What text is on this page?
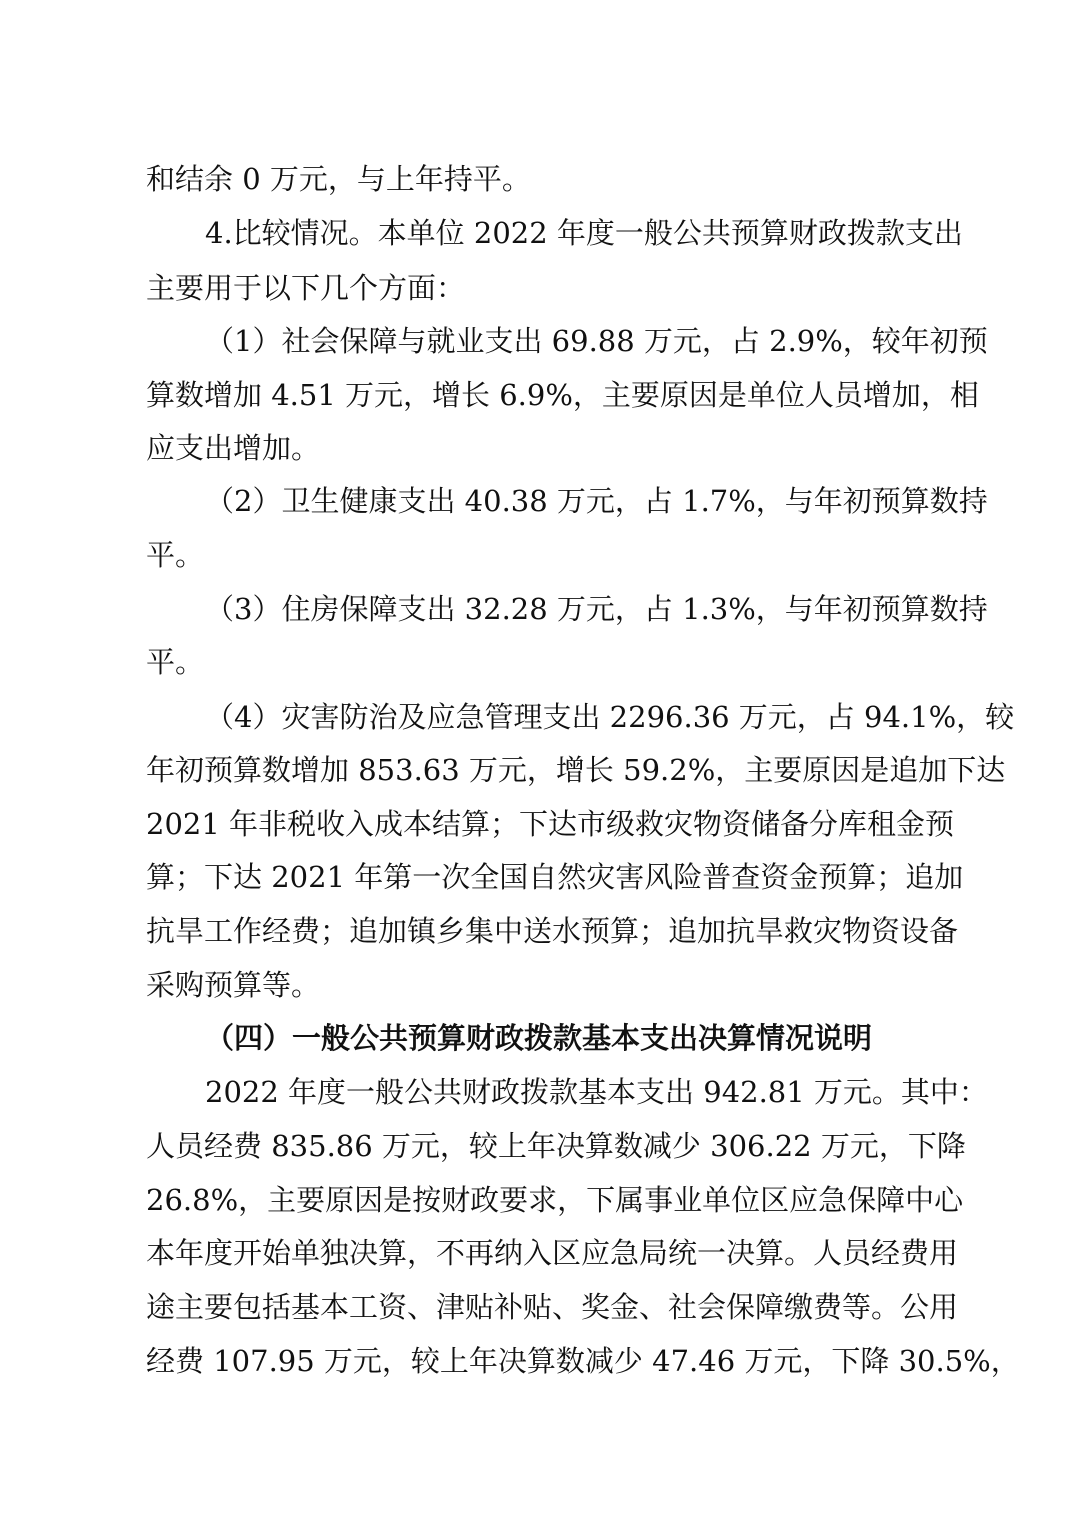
和结余 0 万元，与上年持平。
4.比较情况。本单位 2022 年度一般公共预算财政拨款支出
主要用于以下几个方面：
（1）社会保障与就业支出 69.88 万元，占 2.9%，较年初预
算数增加 4.51 万元，增长 6.9%，主要原因是单位人员增加，相
应支出增加。
（2）卫生健康支出 40.38 万元，占 1.7%，与年初预算数持
平。
（3）住房保障支出 32.28 万元，占 1.3%，与年初预算数持
平。
（4）灾害防治及应急管理支出 2296.36 万元，占 94.1%，较
年初预算数增加 853.63 万元，增长 59.2%，主要原因是追加下达
2021 年非税收入成本结算；下达市级救灾物资储备分库租金预
算；下达 2021 年第一次全国自然灾害风险普查资金预算；追加
抗旱工作经费；追加镇乡集中送水预算；追加抗旱救灾物资设备
采购预算等。
（四）一般公共预算财政拨款基本支出决算情况说明
2022 年度一般公共财政拨款基本支出 942.81 万元。其中：
人员经费 835.86 万元，较上年决算数减少 306.22 万元，下降
26.8%，主要原因是按财政要求，下属事业单位区应急保障中心
本年度开始单独决算，不再纳入区应急局统一决算。人员经费用
途主要包括基本工资、津贴补贴、奖金、社会保障缴费等。公用
经费 107.95 万元，较上年决算数减少 47.46 万元，下降 30.5%，
